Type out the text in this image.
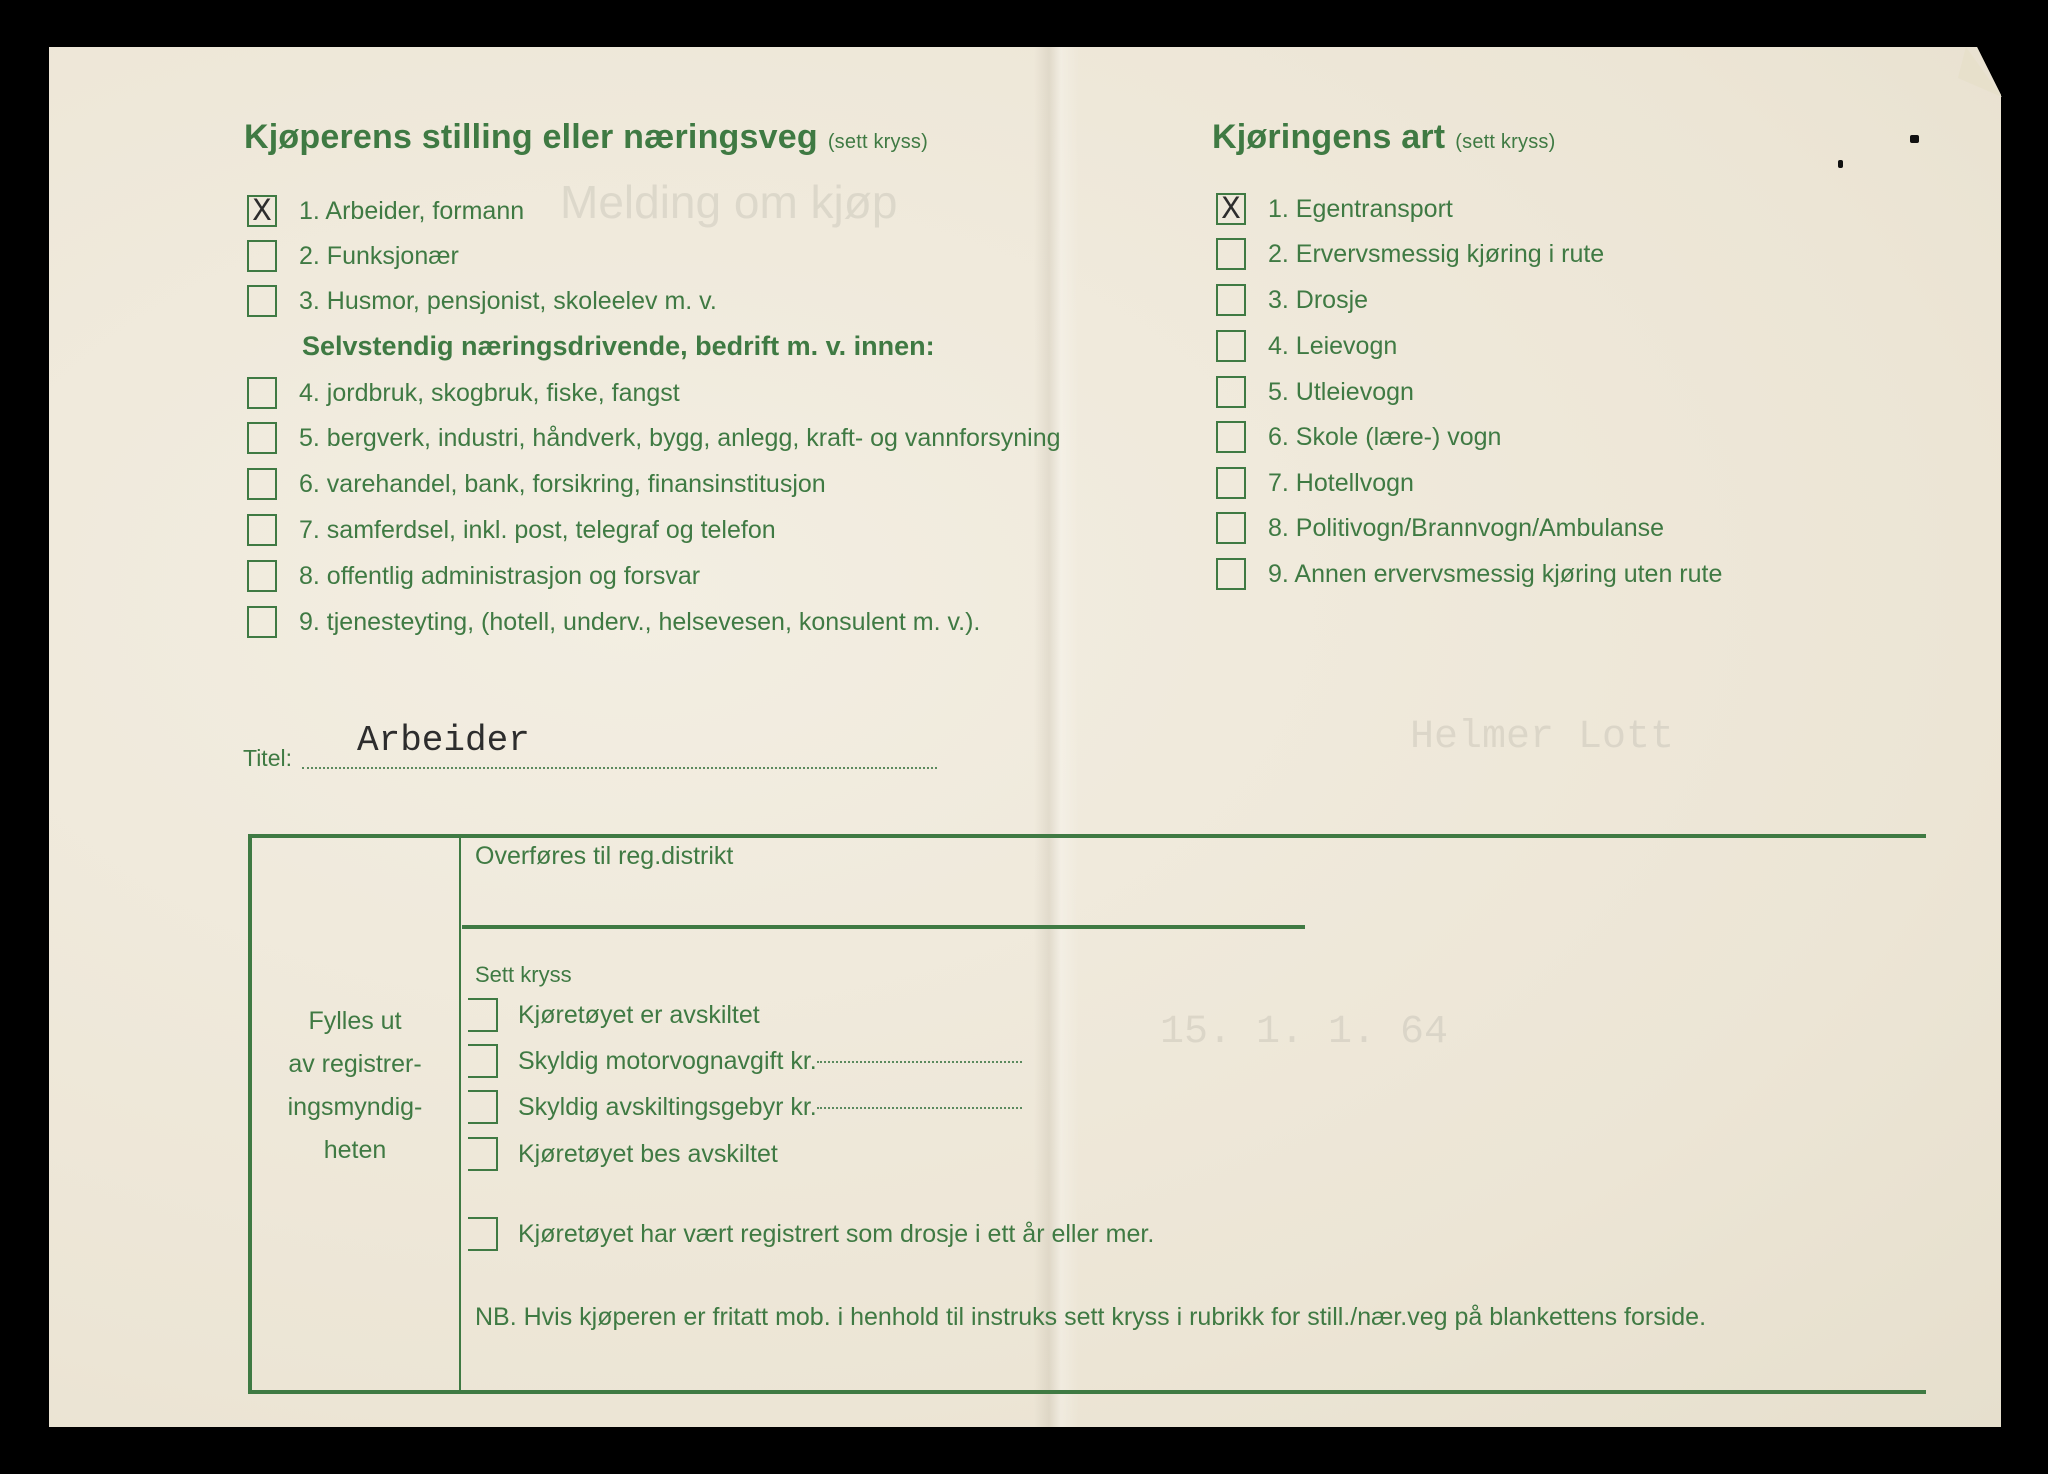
Melding om kjøp
Helmer Lott
15. 1. 1. 64
Kjøperens stilling eller næringsveg (sett kryss)
X 1. Arbeider, formann
2. Funksjonær
3. Husmor, pensjonist, skoleelev m. v.
Selvstendig næringsdrivende, bedrift m. v. innen:
4. jordbruk, skogbruk, fiske, fangst
5. bergverk, industri, håndverk, bygg, anlegg, kraft- og vannforsyning
6. varehandel, bank, forsikring, finansinstitusjon
7. samferdsel, inkl. post, telegraf og telefon
8. offentlig administrasjon og forsvar
9. tjenesteyting, (hotell, underv., helsevesen, konsulent m. v.).
Kjøringens art (sett kryss)
X 1. Egentransport
2. Ervervsmessig kjøring i rute
3. Drosje
4. Leievogn
5. Utleievogn
6. Skole (lære-) vogn
7. Hotellvogn
8. Politivogn/Brannvogn/Ambulanse
9. Annen ervervsmessig kjøring uten rute
Titel: Arbeider
Fylles ut
av registrer-
ingsmyndig-
heten
Overføres til reg.distrikt
Sett kryss
Kjøretøyet er avskiltet
Skyldig motorvognavgift kr.
Skyldig avskiltingsgebyr kr.
Kjøretøyet bes avskiltet
Kjøretøyet har vært registrert som drosje i ett år eller mer.
NB. Hvis kjøperen er fritatt mob. i henhold til instruks sett kryss i rubrikk for still./nær.veg på blankettens forside.
